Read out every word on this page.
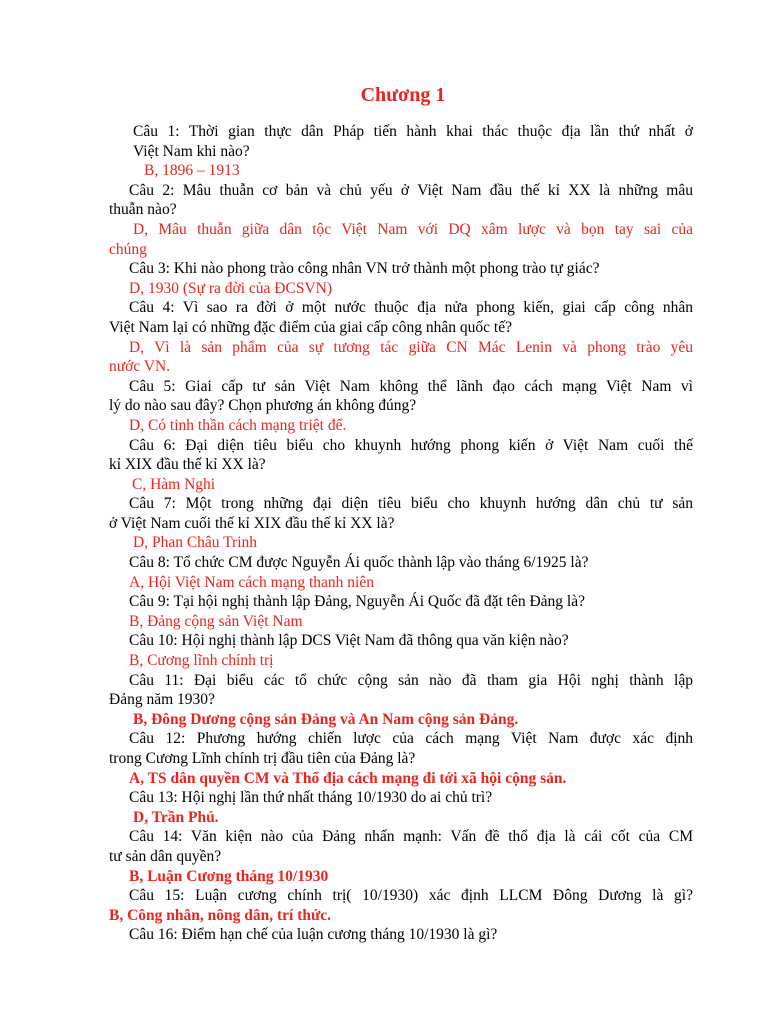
Chương 1
Câu 1: Thời gian thực dân Pháp tiến hành khai thác thuộc địa lần thứ nhất ở
Việt Nam khi nào?
B, 1896 – 1913
Câu 2: Mâu thuẫn cơ bản và chủ yếu ở Việt Nam đầu thế kỉ XX là những mâu
thuẫn nào?
D, Mâu thuẫn giữa dân tộc Việt Nam với DQ xâm lược và bọn tay sai của
chúng
Câu 3: Khi nào phong trào công nhân VN trở thành một phong trào tự giác?
D, 1930 (Sự ra đời của ĐCSVN)
Câu 4: Vì sao ra đời ở một nước thuộc địa nửa phong kiến, giai cấp công nhân
Việt Nam lại có những đặc điểm của giai cấp công nhân quốc tế?
D, Vì là sản phẩm của sự tương tác giữa CN Mác Lenin và phong trào yêu
nước VN.
Câu 5: Giai cấp tư sản Việt Nam không thể lãnh đạo cách mạng Việt Nam vì
lý do nào sau đây? Chọn phương án không đúng?
D, Có tinh thần cách mạng triệt để.
Câu 6: Đại diện tiêu biểu cho khuynh hướng phong kiến ở Việt Nam cuối thế
kỉ XIX đầu thế kỉ XX là?
C, Hàm Nghi
Câu 7: Một trong những đại diện tiêu biểu cho khuynh hướng dân chủ tư sản
ở Việt Nam cuối thế kỉ XIX đầu thế kỉ XX là?
D, Phan Châu Trinh
Câu 8: Tổ chức CM được Nguyễn Ái quốc thành lập vào tháng 6/1925 là?
A, Hội Việt Nam cách mạng thanh niên
Câu 9: Tại hội nghị thành lập Đảng, Nguyễn Ái Quốc đã đặt tên Đảng là?
B, Đảng cộng sản Việt Nam
Câu 10: Hội nghị thành lập DCS Việt Nam đã thông qua văn kiện nào?
B, Cương lĩnh chính trị
Câu 11: Đại biểu các tổ chức cộng sản nào đã tham gia Hội nghị thành lập
Đảng năm 1930?
B, Đông Dương cộng sản Đảng và An Nam cộng sản Đảng.
Câu 12: Phương hướng chiến lược của cách mạng Việt Nam được xác định
trong Cương Lĩnh chính trị đầu tiên của Đảng là?
A, TS dân quyền CM và Thổ địa cách mạng đi tới xã hội cộng sản.
Câu 13: Hội nghị lần thứ nhất tháng 10/1930 do ai chủ trì?
D, Trần Phú.
Câu 14: Văn kiện nào của Đảng nhấn mạnh: Vấn đề thổ địa là cái cốt của CM
tư sản dân quyền?
B, Luận Cương tháng 10/1930
Câu 15: Luận cương chính trị( 10/1930) xác định LLCM Đông Dương là gì?
B, Công nhân, nông dân, trí thức.
Câu 16: Điểm hạn chế của luận cương tháng 10/1930 là gì?
